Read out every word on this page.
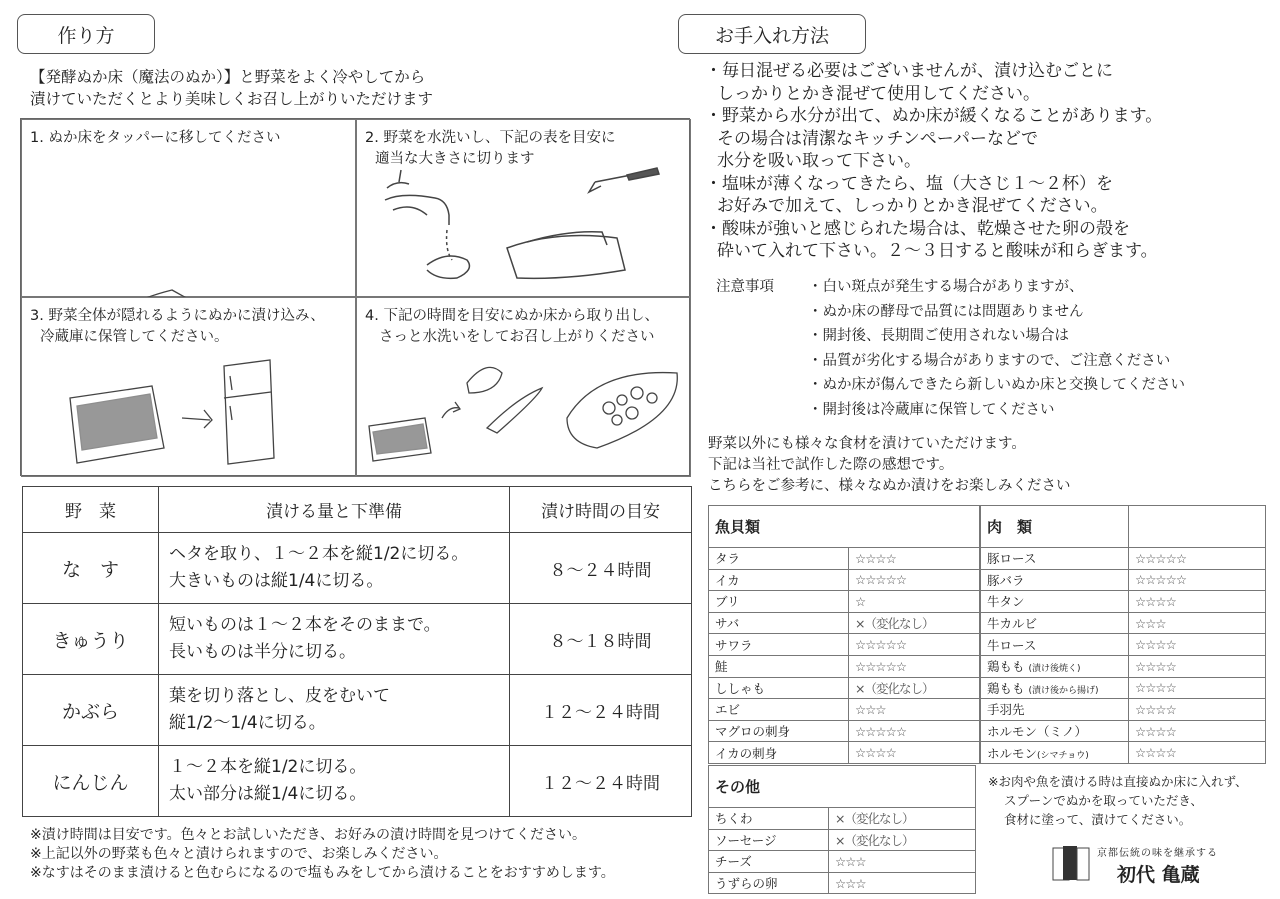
作り方
【発酵ぬか床（魔法のぬか）】と野菜をよく冷やしてから
漬けていただくとより美味しくお召し上がりいただけます
1. ぬか床をタッパーに移してください	2. 野菜を水洗いし、下記の表を目安に
適当な大きさに切ります
3. 野菜全体が隠れるようにぬかに漬け込み、
冷蔵庫に保管してください。
4. 下記の時間を目安にぬか床から取り出し、
さっと水洗いをしてお召し上がりください
野　菜	漬ける量と下準備	漬け時間の目安
な　す	ヘタを取り、１～２本を縦1/2に切る。
大きいものは縦1/4に切る。	８～２４時間
きゅうり	短いものは１～２本をそのままで。
長いものは半分に切る。	８～１８時間
かぶら	葉を切り落とし、皮をむいて
縦1/2～1/4に切る。	１２～２４時間
にんじん	１～２本を縦1/2に切る。
太い部分は縦1/4に切る。	１２～２４時間
※漬け時間は目安です。色々とお試しいただき、お好みの漬け時間を見つけてください。
※上記以外の野菜も色々と漬けられますので、お楽しみください。
※なすはそのまま漬けると色むらになるので塩もみをしてから漬けることをおすすめします。
お手入れ方法
・毎日混ぜる必要はございませんが、漬け込むごとに
しっかりとかき混ぜて使用してください。
・野菜から水分が出て、ぬか床が緩くなることがあります。
その場合は清潔なキッチンペーパーなどで
水分を吸い取って下さい。
・塩味が薄くなってきたら、塩（大さじ１～２杯）を
お好みで加えて、しっかりとかき混ぜてください。
・酸味が強いと感じられた場合は、乾燥させた卵の殻を
砕いて入れて下さい。２～３日すると酸味が和らぎます。
注意事項 ・白い斑点が発生する場合がありますが、
・ぬか床の酵母で品質には問題ありません
・開封後、長期間ご使用されない場合は
・品質が劣化する場合がありますので、ご注意ください
・ぬか床が傷んできたら新しいぬか床と交換してください
・開封後は冷蔵庫に保管してください
野菜以外にも様々な食材を漬けていただけます。
下記は当社で試作した際の感想です。
こちらをご参考に、様々なぬか漬けをお楽しみください
魚貝類	
タラ	☆☆☆☆
イカ	☆☆☆☆☆
ブリ	☆
サバ	×（変化なし）
サワラ	☆☆☆☆☆
鮭	☆☆☆☆☆
ししゃも	×（変化なし）
エビ	☆☆☆
マグロの刺身	☆☆☆☆☆
イカの刺身	☆☆☆☆
肉　類	
豚ロース	☆☆☆☆☆
豚バラ	☆☆☆☆☆
牛タン	☆☆☆☆
牛カルビ	☆☆☆
牛ロース	☆☆☆☆
鶏もも (漬け後焼く)	☆☆☆☆
鶏もも (漬け後から揚げ)	☆☆☆☆
手羽先	☆☆☆☆
ホルモン（ミノ）	☆☆☆☆
ホルモン(シマチョウ)	☆☆☆☆
その他	
ちくわ	×（変化なし）
ソーセージ	×（変化なし）
チーズ	☆☆☆
うずらの卵	☆☆☆
※お肉や魚を漬ける時は直接ぬか床に入れず、
スプーンでぬかを取っていただき、
食材に塗って、漬けてください。
京都伝統の味を継承する
初代 亀蔵
